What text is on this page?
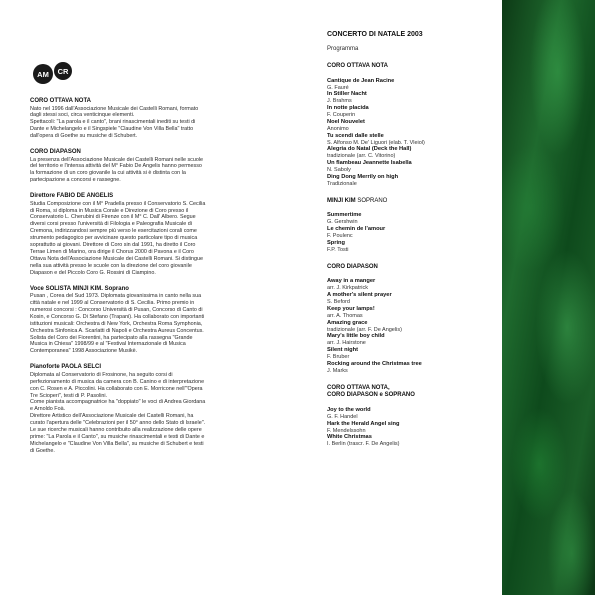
AM CR
CORO OTTAVA NOTA
Nato nel 1996 dall'Associazione Musicale dei Castelli Romani, formato
dagli stessi soci, circa venticinque elementi.
Spettacoli: "La parola e il canto", brani rinascimentali inediti su testi di
Dante e Michelangelo e il Singspiele "Claudine Von Villa Bella" tratto
dall'opera di Goethe su musiche di Schubert.
CORO DIAPASON
La presenza dell'Associazione Musicale dei Castelli Romani nelle scuole
del territorio e l'intensa attività del M° Fabio De Angelis hanno permesso
la formazione di un coro giovanile la cui attività si è distinta con la
partecipazione a concorsi e rassegne.
Direttore FABIO DE ANGELIS
Studia Composizione con il M° Pradella presso il Conservatorio S. Cecilia
di Roma, si diploma in Musica Corale e Direzione di Coro presso il
Conservatorio L. Cherubini di Firenze con il M° C. Dall' Albero. Segue
diversi corsi presso l'università di Filologia e Paleografia Musicale di
Cremona, indirizzandosi sempre più verso le esercitazioni corali come
strumento pedagogico per avvicinare questo particolare tipo di musica
soprattutto ai giovani. Direttore di Coro sin dal 1991, ha diretto il Coro
Terrae Limen di Marino, ora dirige il Chorus 2000 di Pavona e il Coro
Ottava Nota dell'Associazione Musicale dei Castelli Romani. Si distingue
nella sua attività presso le scuole con la direzione del coro giovanile
Diapason e del Piccolo Coro G. Rossini di Ciampino.
Voce SOLISTA MINJI KIM. Soprano
Pusan , Corea del Sud 1973. Diplomata giovanissima in canto nella sua
città natale e nel 1999 al Conservatorio di S. Cecilia. Primo premio in
numerosi concorsi : Concorso Università di Pusan, Concorso di Canto di
Kosin, e Concorso G. Di Stefano (Trapani). Ha collaborato con importanti
istituzioni musicali: Orchestra di New York, Orchestra Roma Symphonia,
Orchestra Sinfonica A. Scarlatti di Napoli e Orchestra Aureus Concentus.
Solista del Coro dei Fiorentini, ha partecipato alla rassegna "Grande
Musica in Chiesa" 1998/99 e al "Festival Internazionale di Musica
Contemporanea" 1998 Associazione Musikè.
Pianoforte PAOLA SELCI
Diplomata al Conservatorio di Frosinone, ha seguito corsi di
perfezionamento di musica da camera con B. Canino e di interpretazione
con C. Rosen e A. Piccolini. Ha collaborato con E. Morricone nell'"Opera
Tre Scioperi", testi di P. Pasolini.
Come pianista accompagnatrice ha "doppiato" le voci di Andrea Giordana
e Arnoldo Foà.
Direttore Artistico dell'Associazione Musicale dei Castelli Romani, ha
curato l'apertura delle "Celebrazioni per il 50° anno dello Stato di Israele".
Le sue ricerche musicali hanno contribuito alla realizzazione delle opere
prime: "La Parola e il Canto", su musiche rinascimentali e testi di Dante e
Michelangelo e "Claudine Von Villa Bella", su musiche di Schubert e testi
di Goethe.
CONCERTO DI NATALE 2003
Programma
CORO OTTAVA NOTA
Cantique de Jean Racine
G. Fauré
In Stiller Nacht
J. Brahms
In notte placida
F. Couperin
Noel Nouvelet
Anonimo
Tu scendi dalle stelle
S. Alfonso M. De' Liguori (elab. T. Vleiol)
Alegria do Natal (Deck the Hall)
tradizionale (arr. C. Vitorino)
Un flambeau Jeannette Isabella
N. Saboly
Ding Dong Merrily on high
Tradizionale
MINJI KIM SOPRANO
Summertime
G. Gershwin
Le chemin de l'amour
F. Poulenc
Spring
F.P. Tosti
CORO DIAPASON
Away in a manger
arr. J. Kirkpatrick
A mother's silent prayer
S. Beford
Keep your lamps!
arr. A. Thomas
Amazing grace
tradizionale (arr. F. De Angelis)
Mary's little boy child
arr. J. Hairstone
Silent night
F. Bruber
Rocking around the Christmas tree
J. Marks
CORO OTTAVA NOTA,
CORO DIAPASON e SOPRANO
Joy to the world
G. F. Handel
Hark the Herald Angel sing
F. Mendelssohn
White Christmas
I. Berlin (trascr. F. De Angelis)
